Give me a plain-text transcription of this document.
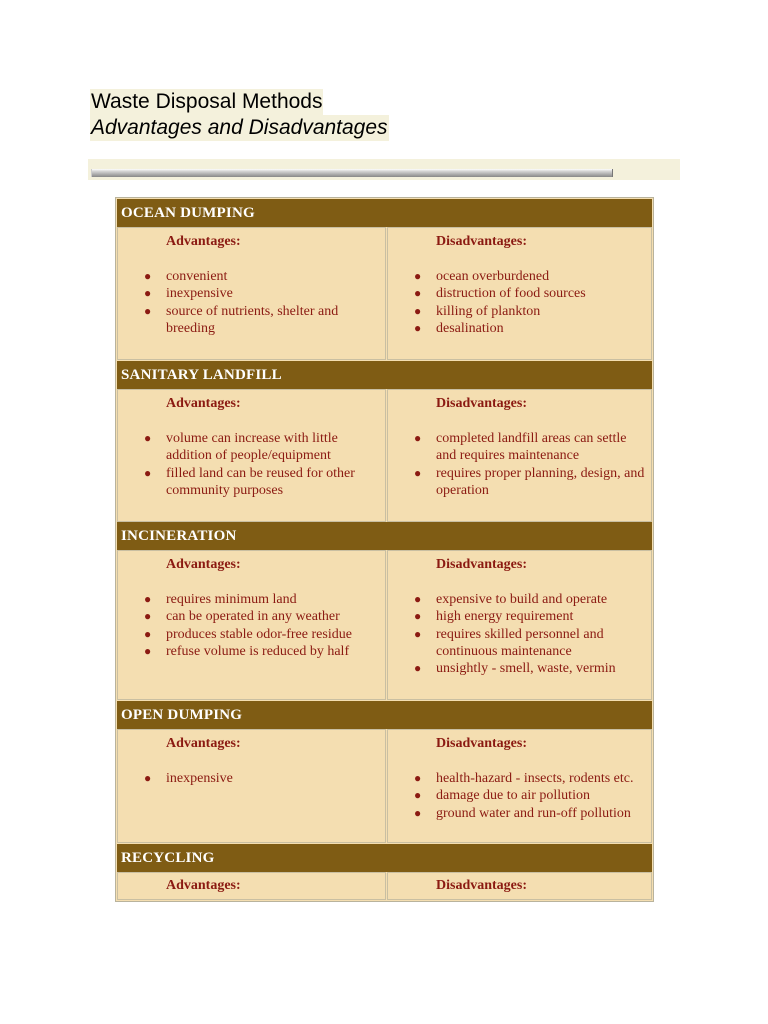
Waste Disposal Methods
Advantages and Disadvantages
OCEAN DUMPING
Advantages:
● convenient
● inexpensive
● source of nutrients, shelter and breeding
Disadvantages:
● ocean overburdened
● distruction of food sources
● killing of plankton
● desalination
SANITARY LANDFILL
Advantages:
● volume can increase with little addition of people/equipment
● filled land can be reused for other community purposes
Disadvantages:
● completed landfill areas can settle and requires maintenance
● requires proper planning, design, and operation
INCINERATION
Advantages:
● requires minimum land
● can be operated in any weather
● produces stable odor-free residue
● refuse volume is reduced by half
Disadvantages:
● expensive to build and operate
● high energy requirement
● requires skilled personnel and continuous maintenance
● unsightly - smell, waste, vermin
OPEN DUMPING
Advantages:
● inexpensive
Disadvantages:
● health-hazard - insects, rodents etc.
● damage due to air pollution
● ground water and run-off pollution
RECYCLING
Advantages:	Disadvantages:
